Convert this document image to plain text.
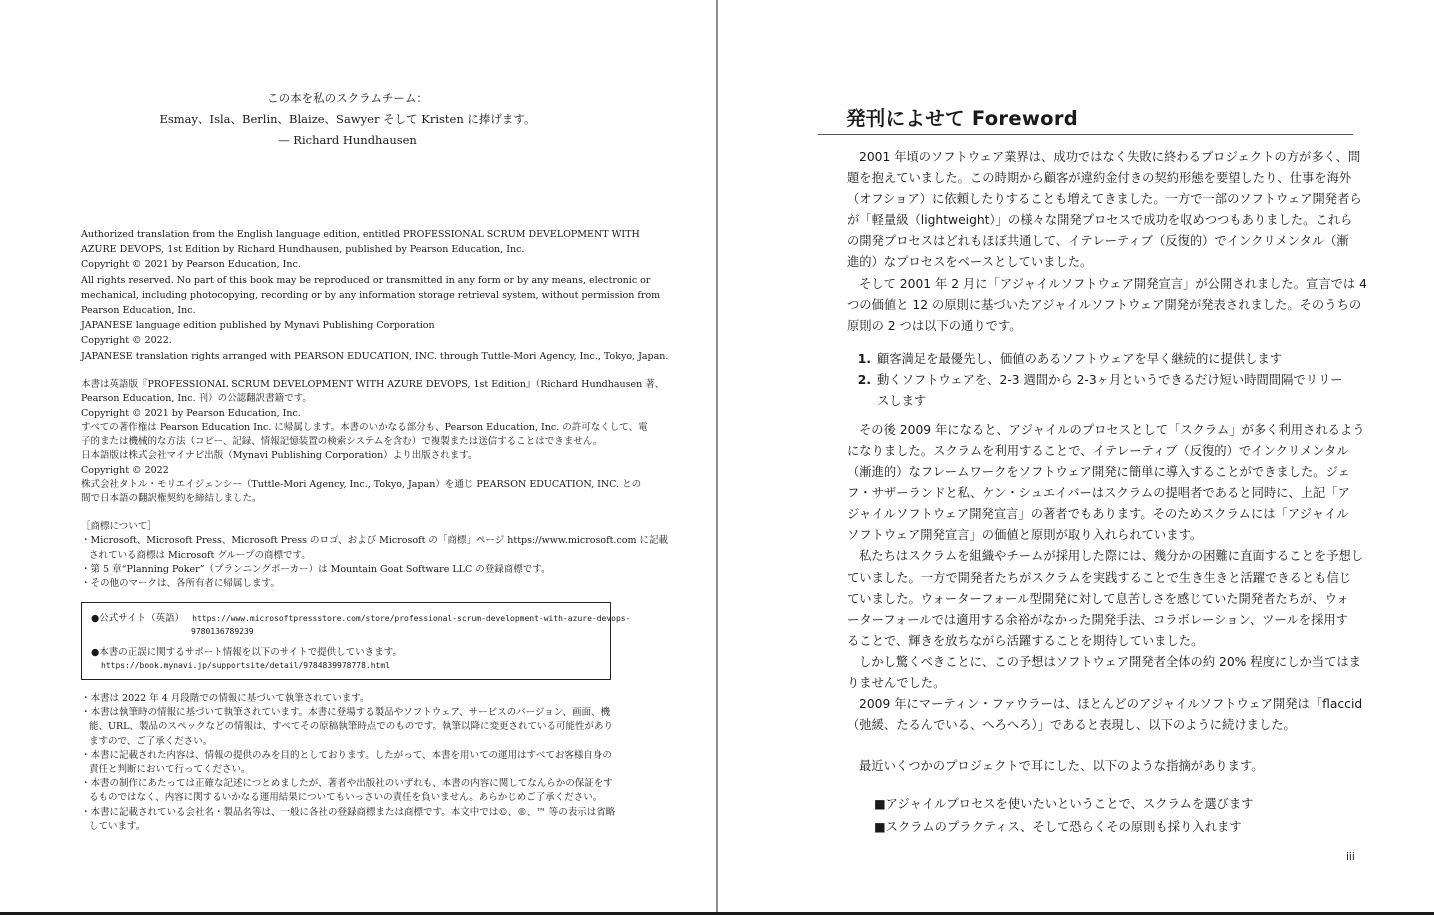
この本を私のスクラムチーム：
Esmay、Isla、Berlin、Blaize、Sawyer そして Kristen に捧げます。
— Richard Hundhausen
Authorized translation from the English language edition, entitled PROFESSIONAL SCRUM DEVELOPMENT WITH
AZURE DEVOPS, 1st Edition by Richard Hundhausen, published by Pearson Education, Inc.
Copyright © 2021 by Pearson Education, Inc.
All rights reserved. No part of this book may be reproduced or transmitted in any form or by any means, electronic or
mechanical, including photocopying, recording or by any information storage retrieval system, without permission from
Pearson Education, Inc.
JAPANESE language edition published by Mynavi Publishing Corporation
Copyright © 2022.
JAPANESE translation rights arranged with PEARSON EDUCATION, INC. through Tuttle-Mori Agency, Inc., Tokyo, Japan.
本書は英語版『PROFESSIONAL SCRUM DEVELOPMENT WITH AZURE DEVOPS, 1st Edition』（Richard Hundhausen 著、
Pearson Education, Inc. 刊）の公認翻訳書籍です。
Copyright © 2021 by Pearson Education, Inc.
すべての著作権は Pearson Education Inc. に帰属します。本書のいかなる部分も、Pearson Education, Inc. の許可なくして、電
子的または機械的な方法（コピー、記録、情報記憶装置の検索システムを含む）で複製または送信することはできません。
日本語版は株式会社マイナビ出版（Mynavi Publishing Corporation）より出版されます。
Copyright © 2022
株式会社タトル・モリエイジェンシー（Tuttle-Mori Agency, Inc., Tokyo, Japan）を通じ PEARSON EDUCATION, INC. との
間で日本語の翻訳権契約を締結しました。
［商標について］
・Microsoft、Microsoft Press、Microsoft Press のロゴ、および Microsoft の「商標」ページ https://www.microsoft.com に記載
されている商標は Microsoft グループの商標です。
・第 5 章“Planning Poker”（プランニングポーカー）は Mountain Goat Software LLC の登録商標です。
・その他のマークは、各所有者に帰属します。
●公式サイト（英語） https://www.microsoftpressstore.com/store/professional-scrum-development-with-azure-devops-
9780136789239
●本書の正誤に関するサポート情報を以下のサイトで提供していきます。
https://book.mynavi.jp/supportsite/detail/9784839978778.html
・本書は 2022 年 4 月段階での情報に基づいて執筆されています。
・本書は執筆時の情報に基づいて執筆されています。本書に登場する製品やソフトウェア、サービスのバージョン、画面、機
能、URL、製品のスペックなどの情報は、すべてその原稿執筆時点でのものです。執筆以降に変更されている可能性があり
ますので、ご了承ください。
・本書に記載された内容は、情報の提供のみを目的としております。したがって、本書を用いての運用はすべてお客様自身の
責任と判断において行ってください。
・本書の制作にあたっては正確な記述につとめましたが、著者や出版社のいずれも、本書の内容に関してなんらかの保証をす
るものではなく、内容に関するいかなる運用結果についてもいっさいの責任を負いません。あらかじめご了承ください。
・本書に記載されている会社名・製品名等は、一般に各社の登録商標または商標です。本文中では©、®、™ 等の表示は省略
しています。
発刊によせて Foreword
2001 年頃のソフトウェア業界は、成功ではなく失敗に終わるプロジェクトの方が多く、問
題を抱えていました。この時期から顧客が違約金付きの契約形態を要望したり、仕事を海外
（オフショア）に依頼したりすることも増えてきました。一方で一部のソフトウェア開発者ら
が「軽量級（lightweight）」の様々な開発プロセスで成功を収めつつもありました。これら
の開発プロセスはどれもほぼ共通して、イテレーティブ（反復的）でインクリメンタル（漸
進的）なプロセスをベースとしていました。
そして 2001 年 2 月に「アジャイルソフトウェア開発宣言」が公開されました。宣言では 4
つの価値と 12 の原則に基づいたアジャイルソフトウェア開発が発表されました。そのうちの
原則の 2 つは以下の通りです。
1. 顧客満足を最優先し、価値のあるソフトウェアを早く継続的に提供します
2. 動くソフトウェアを、2-3 週間から 2-3ヶ月というできるだけ短い時間間隔でリリー
スします
その後 2009 年になると、アジャイルのプロセスとして「スクラム」が多く利用されるよう
になりました。スクラムを利用することで、イテレーティブ（反復的）でインクリメンタル
（漸進的）なフレームワークをソフトウェア開発に簡単に導入することができました。ジェ
フ・サザーランドと私、ケン・シュエイバーはスクラムの提唱者であると同時に、上記「ア
ジャイルソフトウェア開発宣言」の著者でもあります。そのためスクラムには「アジャイル
ソフトウェア開発宣言」の価値と原則が取り入れられています。
私たちはスクラムを組織やチームが採用した際には、幾分かの困難に直面することを予想し
ていました。一方で開発者たちがスクラムを実践することで生き生きと活躍できるとも信じ
ていました。ウォーターフォール型開発に対して息苦しさを感じていた開発者たちが、ウォ
ーターフォールでは適用する余裕がなかった開発手法、コラボレーション、ツールを採用す
ることで、輝きを放ちながら活躍することを期待していました。
しかし驚くべきことに、この予想はソフトウェア開発者全体の約 20% 程度にしか当てはま
りませんでした。
2009 年にマーティン・ファウラーは、ほとんどのアジャイルソフトウェア開発は「flaccid
（弛緩、たるんでいる、へろへろ）」であると表現し、以下のように続けました。
最近いくつかのプロジェクトで耳にした、以下のような指摘があります。
■アジャイルプロセスを使いたいということで、スクラムを選びます
■スクラムのプラクティス、そして恐らくその原則も採り入れます
iii
